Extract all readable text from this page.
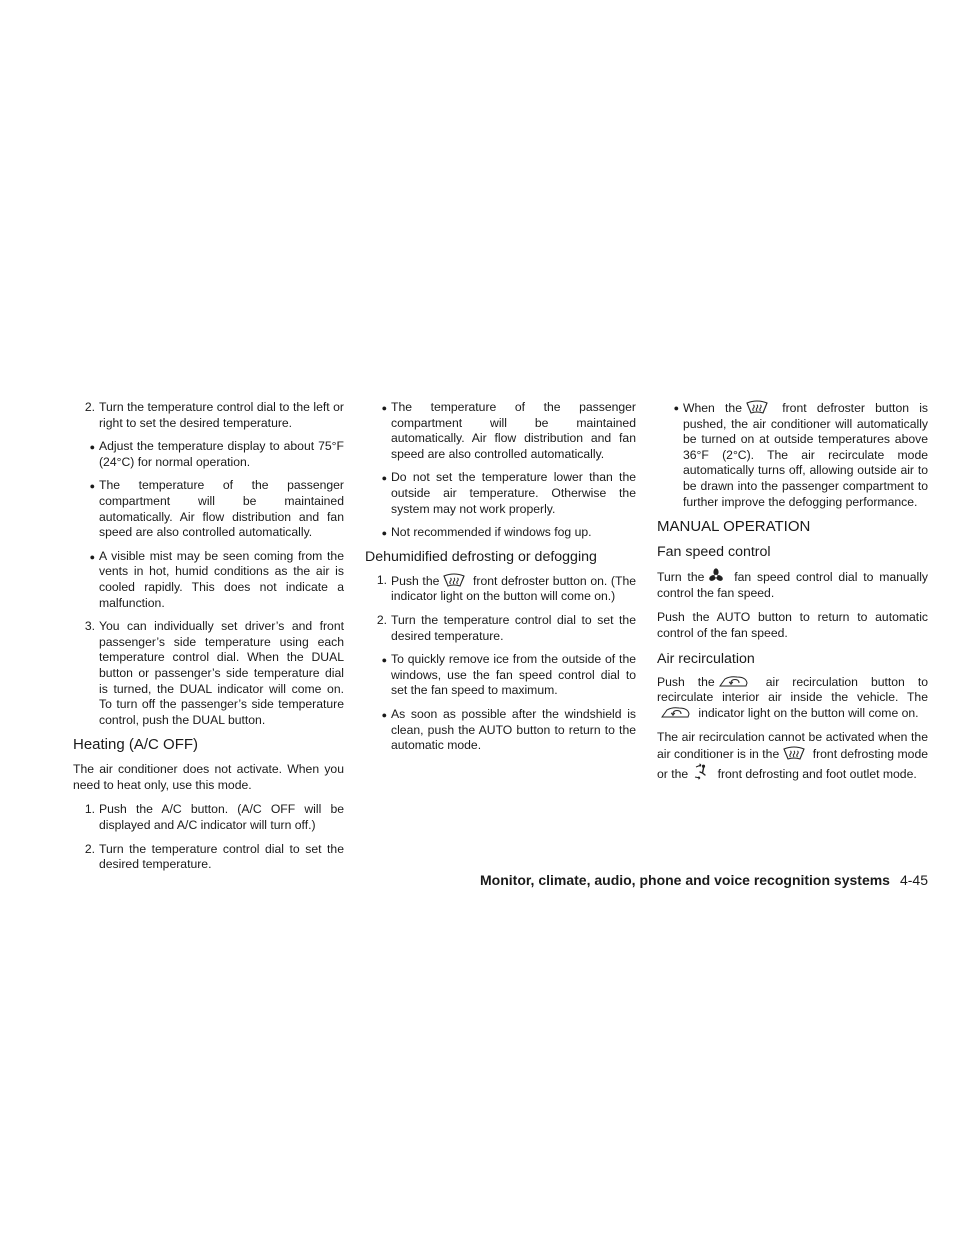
2. Turn the temperature control dial to the left or right to set the desired temperature.
● Adjust the temperature display to about 75°F (24°C) for normal operation.
● The temperature of the passenger compartment will be maintained automatically. Air flow distribution and fan speed are also controlled automatically.
● A visible mist may be seen coming from the vents in hot, humid conditions as the air is cooled rapidly. This does not indicate a malfunction.
3. You can individually set driver’s and front passenger’s side temperature using each temperature control dial. When the DUAL button or passenger’s side temperature dial is turned, the DUAL indicator will come on. To turn off the passenger’s side temperature control, push the DUAL button.
Heating (A/C OFF)

The air conditioner does not activate. When you need to heat only, use this mode.

1. Push the A/C button. (A/C OFF will be displayed and A/C indicator will turn off.)
2. Turn the temperature control dial to set the desired temperature.
● The temperature of the passenger compartment will be maintained automatically. Air flow distribution and fan speed are also controlled automatically.
● Do not set the temperature lower than the outside air temperature. Otherwise the system may not work properly.
● Not recommended if windows fog up.
Dehumidified defrosting or defogging
1. Push the	front defroster button on. (The indicator light on the button will come on.)
2. Turn the temperature control dial to set the desired temperature.
● To quickly remove ice from the outside of the windows, use the fan speed control dial to set the fan speed to maximum.
● As soon as possible after the windshield is clean, push the AUTO button to return to the automatic mode.
● When the	front defroster button is pushed, the air conditioner will automatically be turned on at outside temperatures above 36°F (2°C). The air recirculate mode automatically turns off, allowing outside air to be drawn into the passenger compartment to further improve the defogging performance.
MANUAL OPERATION
Fan speed control

Turn the fan speed control dial to manually control the fan speed.

Push the AUTO button to return to automatic control of the fan speed.

Air recirculation

Push the	air recirculation button to recirculate interior air inside the vehicle. The
indicator light on the button will come on.

The air recirculation cannot be activated when the air conditioner is in the	front defrosting mode or the front defrosting and foot outlet mode.

Monitor, climate, audio, phone and voice recognition systems 4-45
